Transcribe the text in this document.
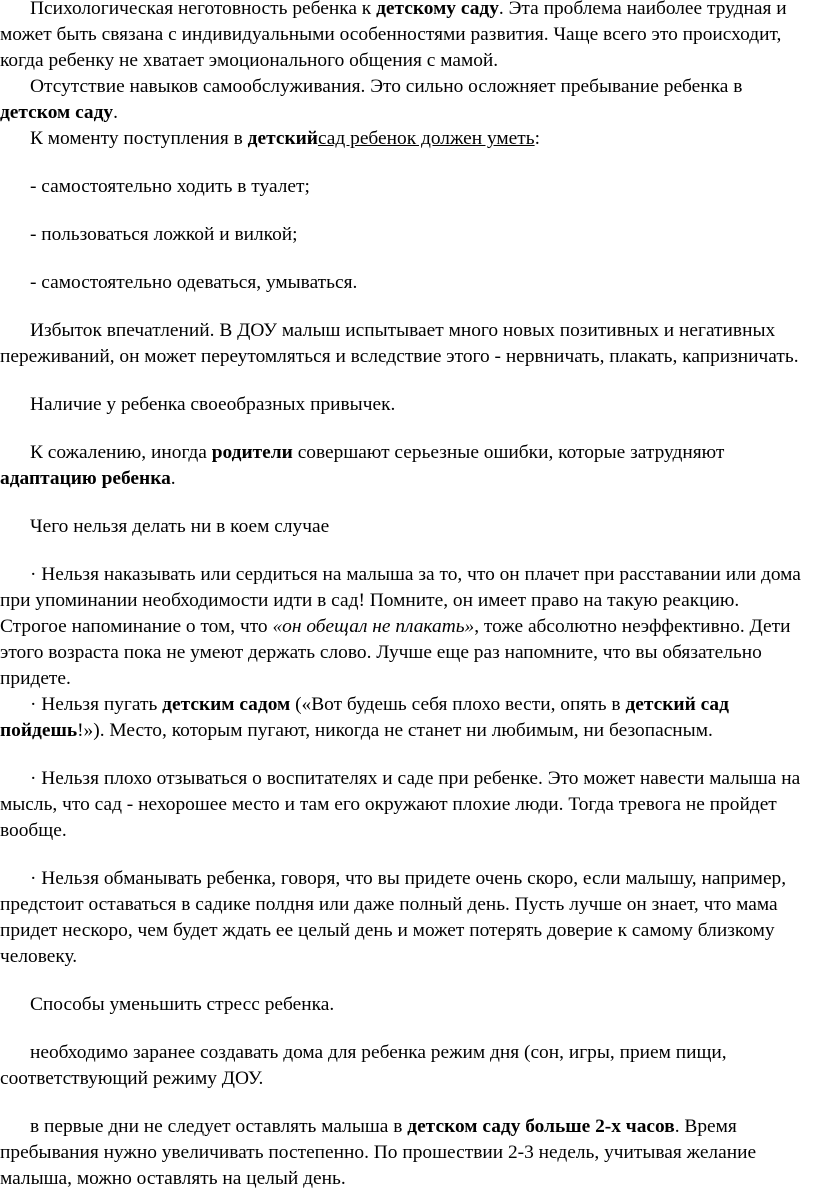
Психологическая неготовность ребенка к детскому саду. Эта проблема наиболее трудная и может быть связана с индивидуальными особенностями развития. Чаще всего это происходит, когда ребенку не хватает эмоционального общения с мамой.

Отсутствие навыков самообслуживания. Это сильно осложняет пребывание ребенка в детском саду.

К моменту поступления в детскийсад ребенок должен уметь:

- самостоятельно ходить в туалет;

- пользоваться ложкой и вилкой;

- самостоятельно одеваться, умываться.

Избыток впечатлений. В ДОУ малыш испытывает много новых позитивных и негативных переживаний, он может переутомляться и вследствие этого - нервничать, плакать, капризничать.

Наличие у ребенка своеобразных привычек.

К сожалению, иногда родители совершают серьезные ошибки, которые затрудняют адаптацию ребенка.

Чего нельзя делать ни в коем случае

· Нельзя наказывать или сердиться на малыша за то, что он плачет при расставании или дома при упоминании необходимости идти в сад! Помните, он имеет право на такую реакцию. Строгое напоминание о том, что «он обещал не плакать», тоже абсолютно неэффективно. Дети этого возраста пока не умеют держать слово. Лучше еще раз напомните, что вы обязательно придете.

· Нельзя пугать детским садом («Вот будешь себя плохо вести, опять в детский сад пойдешь!»). Место, которым пугают, никогда не станет ни любимым, ни безопасным.

· Нельзя плохо отзываться о воспитателях и саде при ребенке. Это может навести малыша на мысль, что сад - нехорошее место и там его окружают плохие люди. Тогда тревога не пройдет вообще.

· Нельзя обманывать ребенка, говоря, что вы придете очень скоро, если малышу, например, предстоит оставаться в садике полдня или даже полный день. Пусть лучше он знает, что мама придет нескоро, чем будет ждать ее целый день и может потерять доверие к самому близкому человеку.

Способы уменьшить стресс ребенка.

необходимо заранее создавать дома для ребенка режим дня (сон, игры, прием пищи, соответствующий режиму ДОУ.

в первые дни не следует оставлять малыша в детском саду больше 2-х часов. Время пребывания нужно увеличивать постепенно. По прошествии 2-3 недель, учитывая желание малыша, можно оставлять на целый день.
